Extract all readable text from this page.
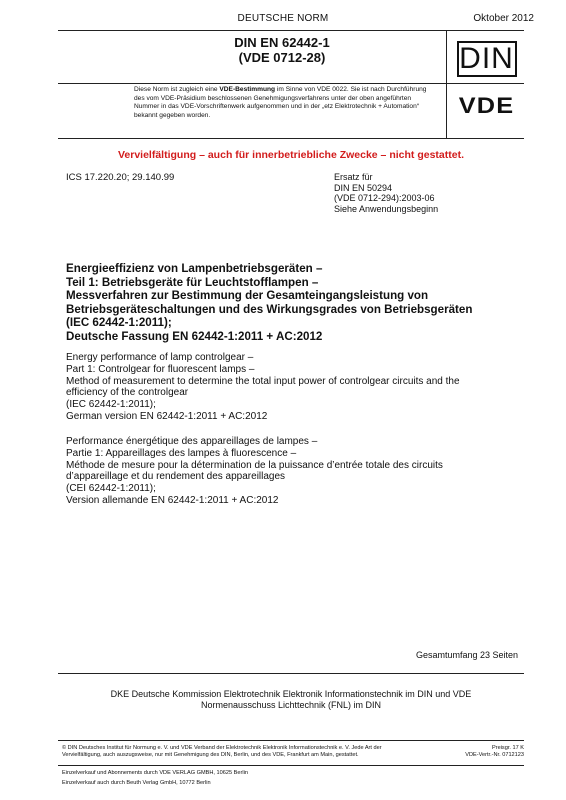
DEUTSCHE NORM	Oktober 2012
DIN EN 62442-1
(VDE 0712-28)	DIN
Diese Norm ist zugleich eine VDE-Bestimmung im Sinne von VDE 0022. Sie ist nach Durchführung des vom VDE-Präsidium beschlossenen Genehmigungsverfahrens unter der oben angeführten Nummer in das VDE-Vorschriftenwerk aufgenommen und in der „etz Elektrotechnik + Automation“ bekannt gegeben worden.	VDE
Vervielfältigung – auch für innerbetriebliche Zwecke – nicht gestattet.
ICS 17.220.20; 29.140.99	Ersatz für
DIN EN 50294
(VDE 0712-294):2003-06
Siehe Anwendungsbeginn
Energieeffizienz von Lampenbetriebsgeräten –
Teil 1: Betriebsgeräte für Leuchtstofflampen –
Messverfahren zur Bestimmung der Gesamteingangsleistung von
Betriebsgeräteschaltungen und des Wirkungsgrades von Betriebsgeräten
(IEC 62442-1:2011);
Deutsche Fassung EN 62442-1:2011 + AC:2012
Energy performance of lamp controlgear –
Part 1: Controlgear for fluorescent lamps –
Method of measurement to determine the total input power of controlgear circuits and the
efficiency of the controlgear
(IEC 62442-1:2011);
German version EN 62442-1:2011 + AC:2012
Performance énergétique des appareillages de lampes –
Partie 1: Appareillages des lampes à fluorescence –
Méthode de mesure pour la détermination de la puissance d’entrée totale des circuits
d’appareillage et du rendement des appareillages
(CEI 62442-1:2011);
Version allemande EN 62442-1:2011 + AC:2012
Gesamtumfang 23 Seiten
DKE Deutsche Kommission Elektrotechnik Elektronik Informationstechnik im DIN und VDE
Normenausschuss Lichttechnik (FNL) im DIN
© DIN Deutsches Institut für Normung e. V. und VDE Verband der Elektrotechnik Elektronik Informationstechnik e. V. Jede Art der Vervielfältigung, auch auszugsweise, nur mit Genehmigung des DIN, Berlin, und des VDE, Frankfurt am Main, gestattet.
Preisgr. 17 K
VDE-Vertr.-Nr. 0712123
Einzelverkauf und Abonnements durch VDE VERLAG GMBH, 10625 Berlin
Einzelverkauf auch durch Beuth Verlag GmbH, 10772 Berlin
